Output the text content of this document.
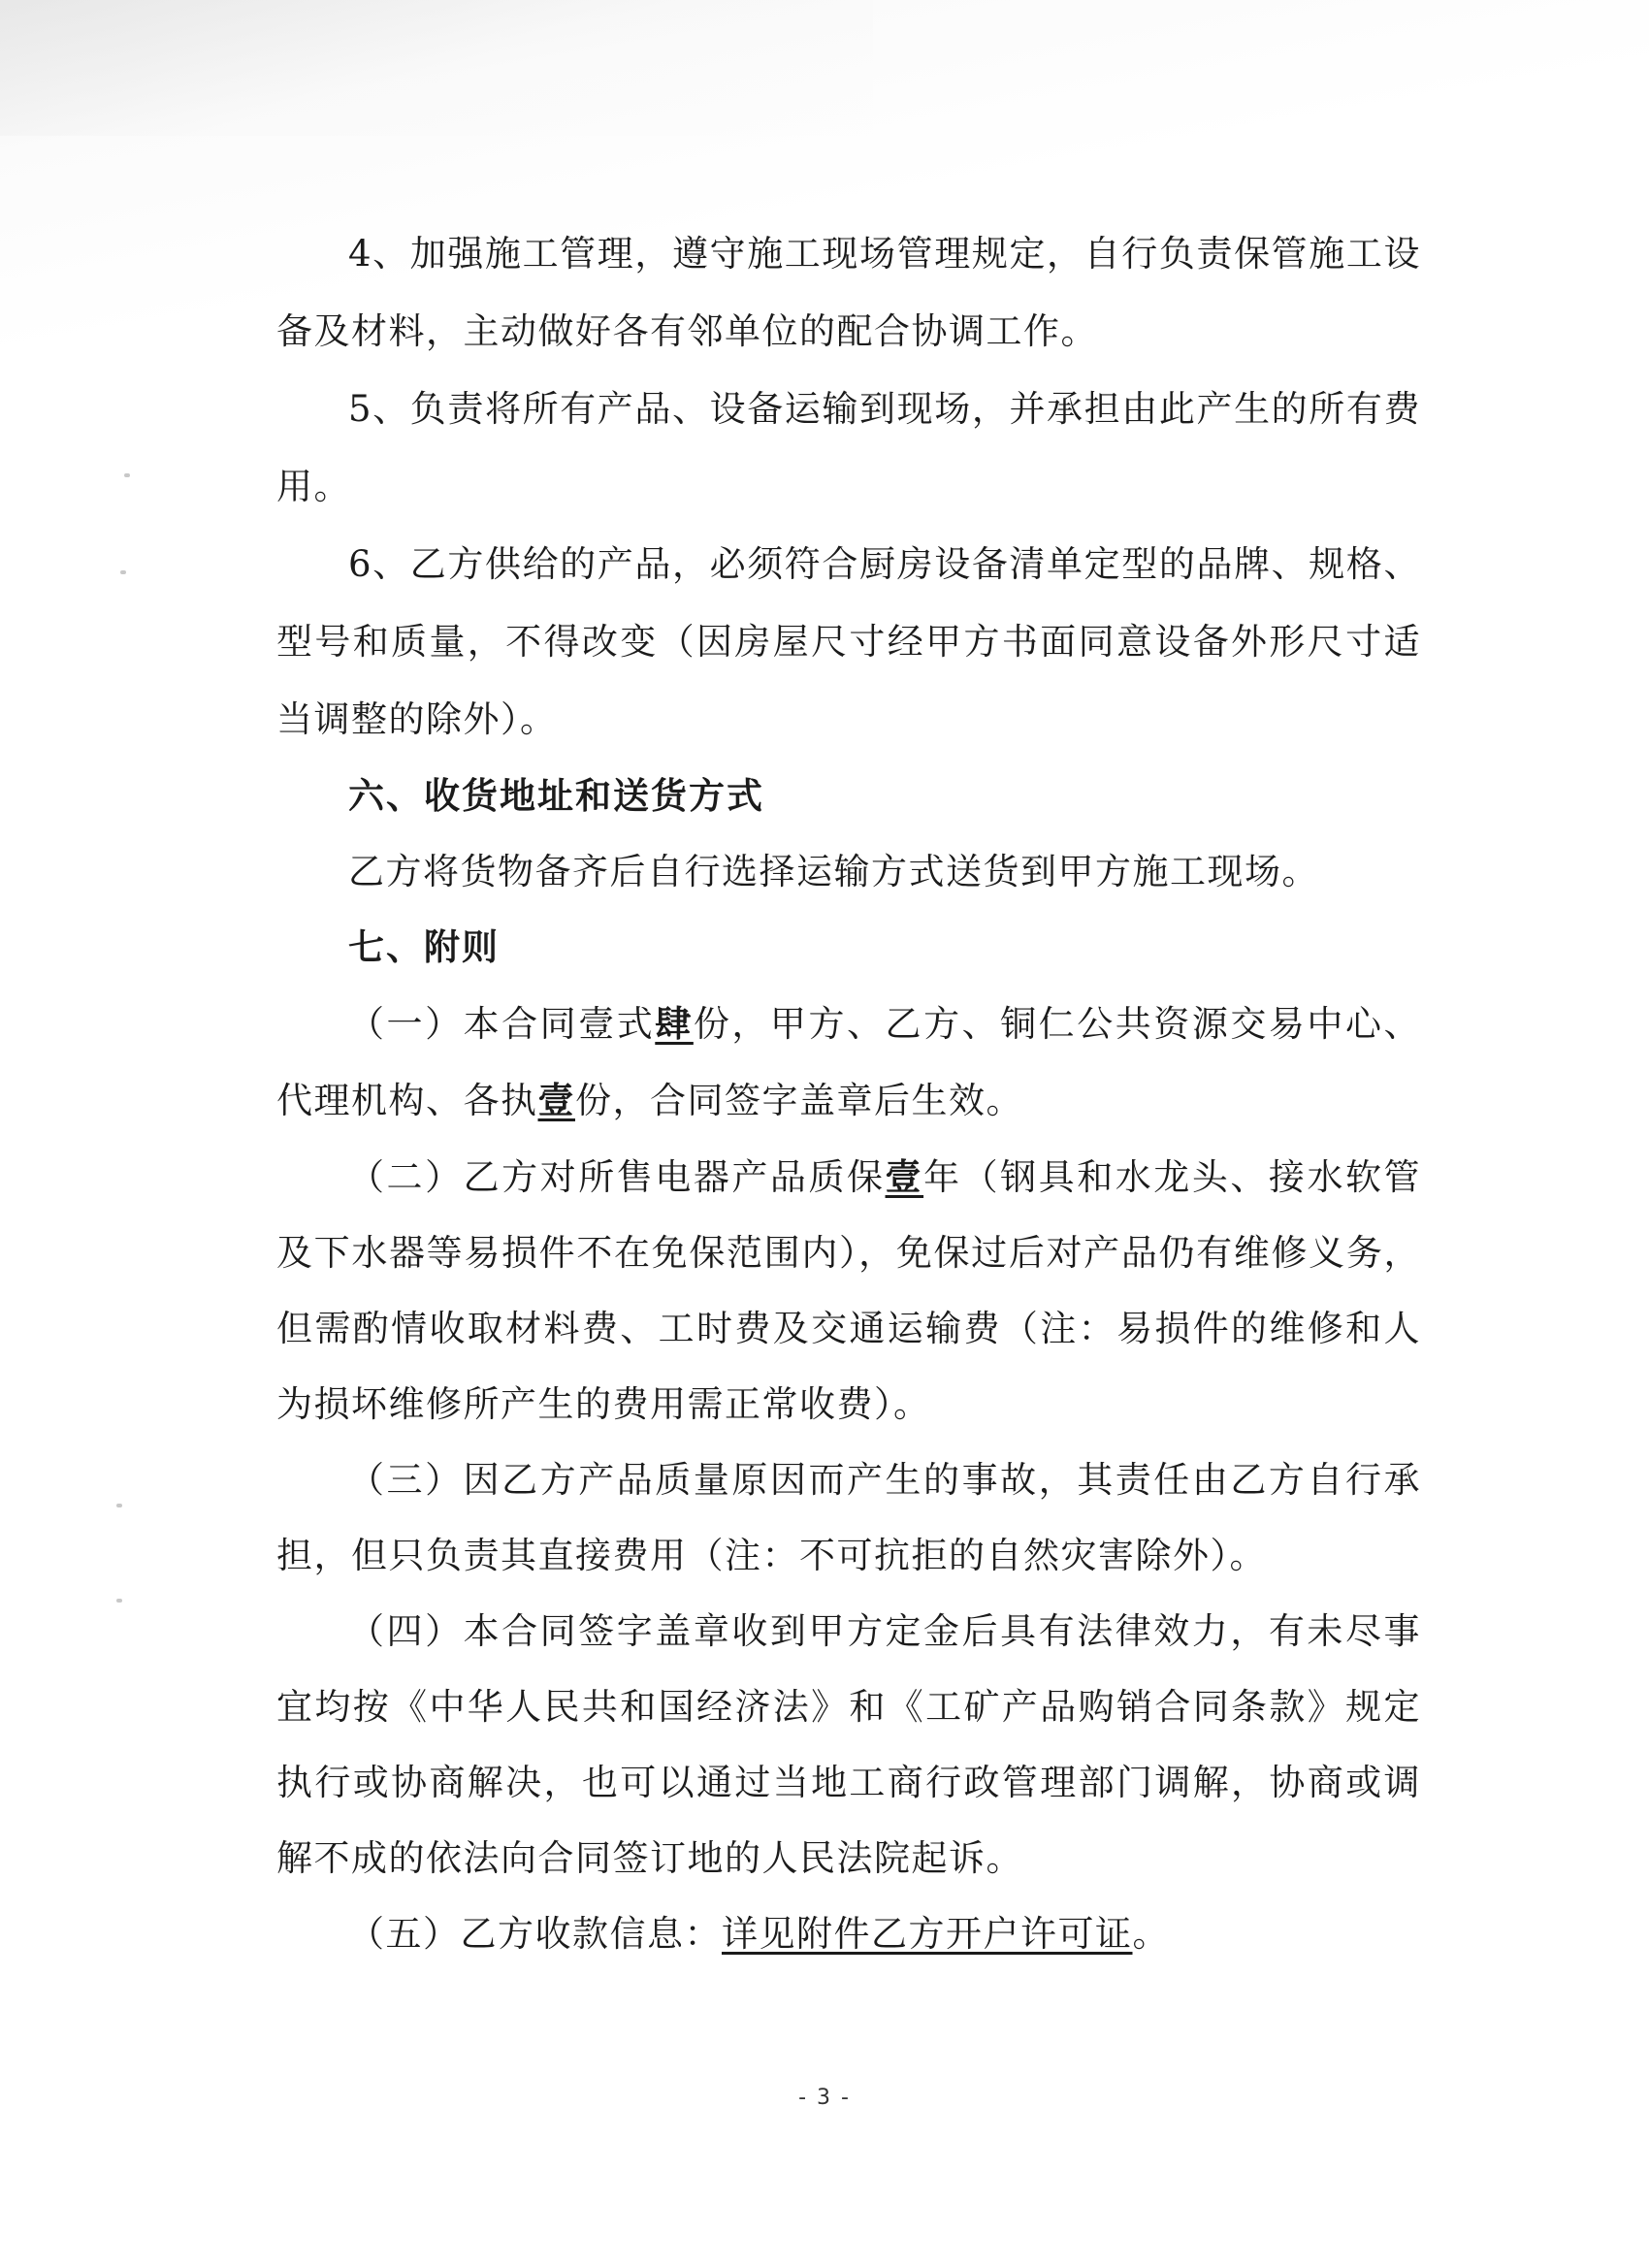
4、加强施工管理，遵守施工现场管理规定，自行负责保管施工设备及材料，主动做好各有邻单位的配合协调工作。

5、负责将所有产品、设备运输到现场，并承担由此产生的所有费用。

6、乙方供给的产品，必须符合厨房设备清单定型的品牌、规格、型号和质量，不得改变（因房屋尺寸经甲方书面同意设备外形尺寸适当调整的除外）。

六、收货地址和送货方式

乙方将货物备齐后自行选择运输方式送货到甲方施工现场。

七、附则

（一）本合同壹式肆份，甲方、乙方、铜仁公共资源交易中心、代理机构、各执壹份，合同签字盖章后生效。

（二）乙方对所售电器产品质保壹年（钢具和水龙头、接水软管及下水器等易损件不在免保范围内），免保过后对产品仍有维修义务，但需酌情收取材料费、工时费及交通运输费（注：易损件的维修和人为损坏维修所产生的费用需正常收费）。

（三）因乙方产品质量原因而产生的事故，其责任由乙方自行承担，但只负责其直接费用（注：不可抗拒的自然灾害除外）。

（四）本合同签字盖章收到甲方定金后具有法律效力，有未尽事宜均按《中华人民共和国经济法》和《工矿产品购销合同条款》规定执行或协商解决，也可以通过当地工商行政管理部门调解，协商或调解不成的依法向合同签订地的人民法院起诉。

（五）乙方收款信息：详见附件乙方开户许可证。

- 3 -
